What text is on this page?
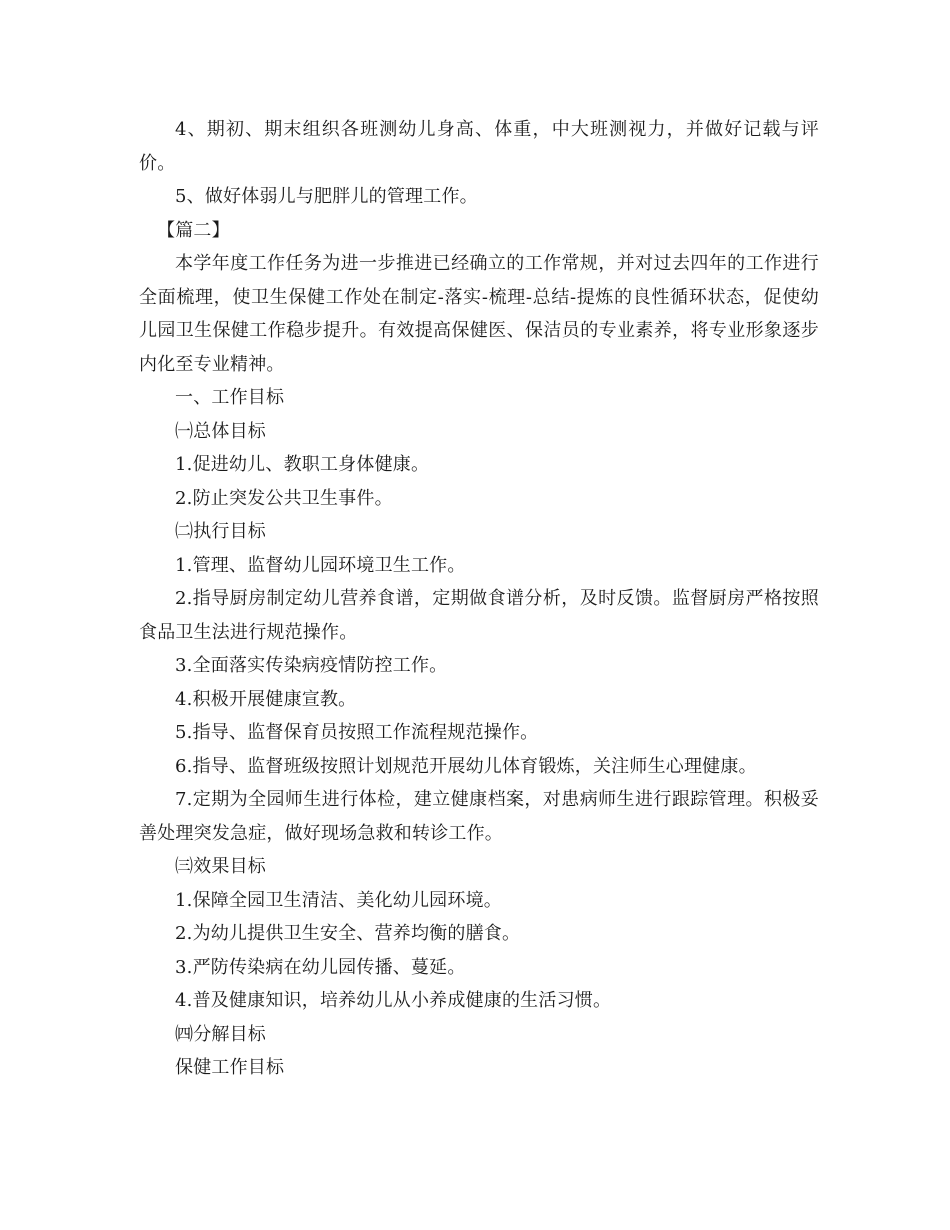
4、期初、期末组织各班测幼儿身高、体重，中大班测视力，并做好记载与评价。

5、做好体弱儿与肥胖儿的管理工作。

【篇二】

本学年度工作任务为进一步推进已经确立的工作常规，并对过去四年的工作进行全面梳理，使卫生保健工作处在制定-落实-梳理-总结-提炼的良性循环状态，促使幼儿园卫生保健工作稳步提升。有效提高保健医、保洁员的专业素养，将专业形象逐步内化至专业精神。

一、工作目标

㈠总体目标

1.促进幼儿、教职工身体健康。

2.防止突发公共卫生事件。

㈡执行目标

1.管理、监督幼儿园环境卫生工作。

2.指导厨房制定幼儿营养食谱，定期做食谱分析，及时反馈。监督厨房严格按照食品卫生法进行规范操作。

3.全面落实传染病疫情防控工作。

4.积极开展健康宣教。

5.指导、监督保育员按照工作流程规范操作。

6.指导、监督班级按照计划规范开展幼儿体育锻炼，关注师生心理健康。

7.定期为全园师生进行体检，建立健康档案，对患病师生进行跟踪管理。积极妥善处理突发急症，做好现场急救和转诊工作。

㈢效果目标

1.保障全园卫生清洁、美化幼儿园环境。

2.为幼儿提供卫生安全、营养均衡的膳食。

3.严防传染病在幼儿园传播、蔓延。

4.普及健康知识，培养幼儿从小养成健康的生活习惯。

㈣分解目标

保健工作目标
